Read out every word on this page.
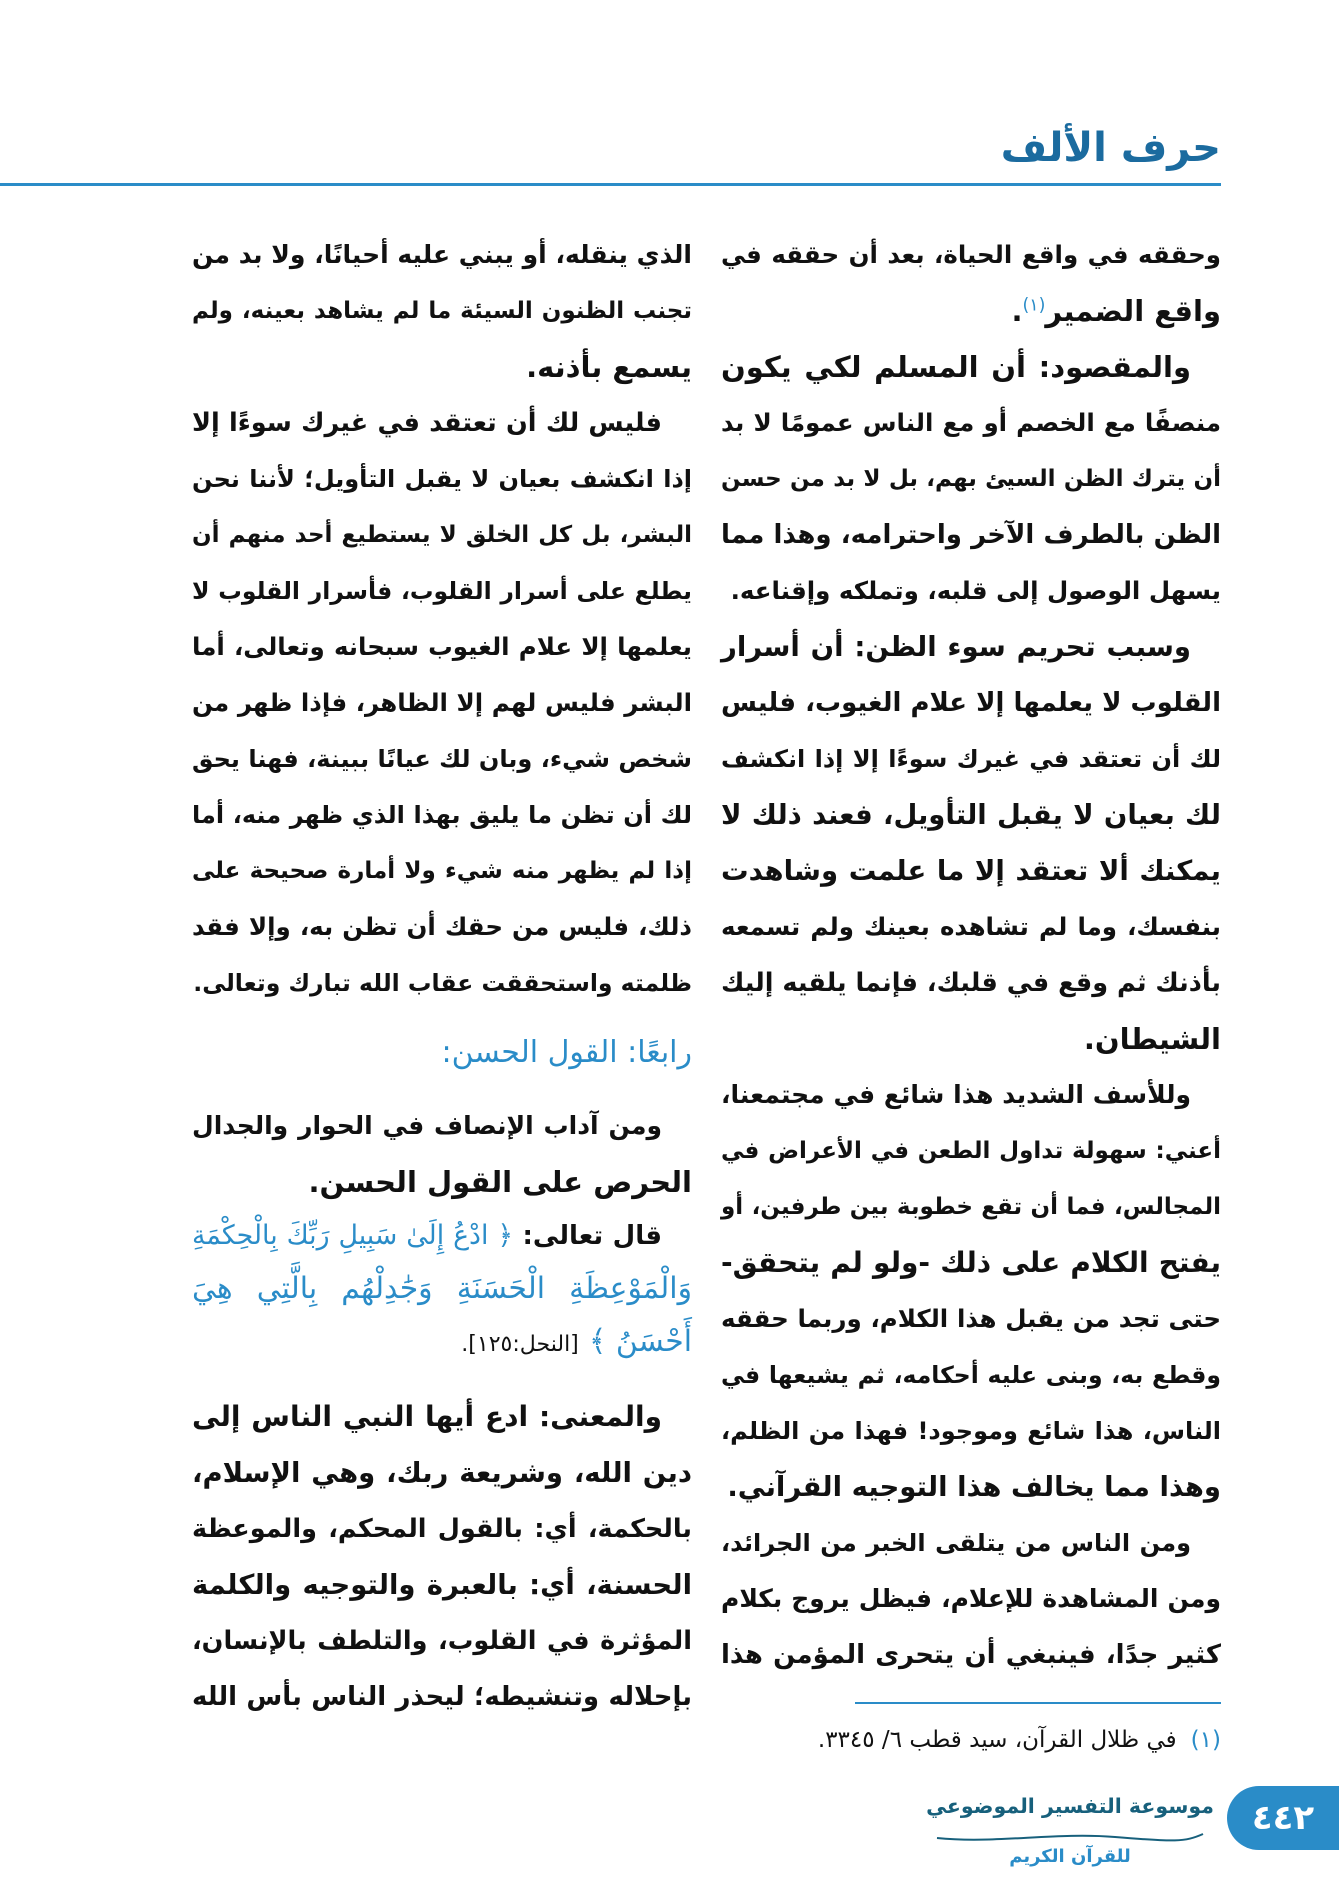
حرف الألف
وحققه في واقع الحياة، بعد أن حققه في
واقع الضمير$^{(١)}$.
والمقصود: أن المسلم لكي يكون
منصفًا مع الخصم أو مع الناس عمومًا لا بد
أن يترك الظن السيئ بهم، بل لا بد من حسن
الظن بالطرف الآخر واحترامه، وهذا مما
يسهل الوصول إلى قلبه، وتملكه وإقناعه.
وسبب تحريم سوء الظن: أن أسرار
القلوب لا يعلمها إلا علام الغيوب، فليس
لك أن تعتقد في غيرك سوءًا إلا إذا انكشف
لك بعيان لا يقبل التأويل، فعند ذلك لا
يمكنك ألا تعتقد إلا ما علمت وشاهدت
بنفسك، وما لم تشاهده بعينك ولم تسمعه
بأذنك ثم وقع في قلبك، فإنما يلقيه إليك
الشيطان.
وللأسف الشديد هذا شائع في مجتمعنا،
أعني: سهولة تداول الطعن في الأعراض في
المجالس، فما أن تقع خطوبة بين طرفين، أو
يفتح الكلام على ذلك -ولو لم يتحقق-
حتى تجد من يقبل هذا الكلام، وربما حققه
وقطع به، وبنى عليه أحكامه، ثم يشيعها في
الناس، هذا شائع وموجود! فهذا من الظلم،
وهذا مما يخالف هذا التوجيه القرآني.
ومن الناس من يتلقى الخبر من الجرائد،
ومن المشاهدة للإعلام، فيظل يروج بكلام
كثير جدًا، فينبغي أن يتحرى المؤمن هذا
الذي ينقله، أو يبني عليه أحيانًا، ولا بد من
تجنب الظنون السيئة ما لم يشاهد بعينه، ولم
يسمع بأذنه.
فليس لك أن تعتقد في غيرك سوءًا إلا
إذا انكشف بعيان لا يقبل التأويل؛ لأننا نحن
البشر، بل كل الخلق لا يستطيع أحد منهم أن
يطلع على أسرار القلوب، فأسرار القلوب لا
يعلمها إلا علام الغيوب سبحانه وتعالى، أما
البشر فليس لهم إلا الظاهر، فإذا ظهر من
شخص شيء، وبان لك عيانًا ببينة، فهنا يحق
لك أن تظن ما يليق بهذا الذي ظهر منه، أما
إذا لم يظهر منه شيء ولا أمارة صحيحة على
ذلك، فليس من حقك أن تظن به، وإلا فقد
ظلمته واستحققت عقاب الله تبارك وتعالى.
رابعًا: القول الحسن:
ومن آداب الإنصاف في الحوار والجدال
الحرص على القول الحسن.
قال تعالى: ﴿ ادْعُ إِلَىٰ سَبِيلِ رَبِّكَ بِالْحِكْمَةِ
وَالْمَوْعِظَةِ الْحَسَنَةِ وَجَٰدِلْهُم بِالَّتِي هِيَ
أَحْسَنُ ﴾ [النحل:١٢٥].
والمعنى: ادع أيها النبي الناس إلى
دين الله، وشريعة ربك، وهي الإسلام،
بالحكمة، أي: بالقول المحكم، والموعظة
الحسنة، أي: بالعبرة والتوجيه والكلمة
المؤثرة في القلوب، والتلطف بالإنسان،
بإحلاله وتنشيطه؛ ليحذر الناس بأس الله
(١)في ظلال القرآن، سيد قطب ٦/ ٣٣٤٥.
موسوعة التفسير الموضوعي
للقرآن الكريم
٤٤٢
